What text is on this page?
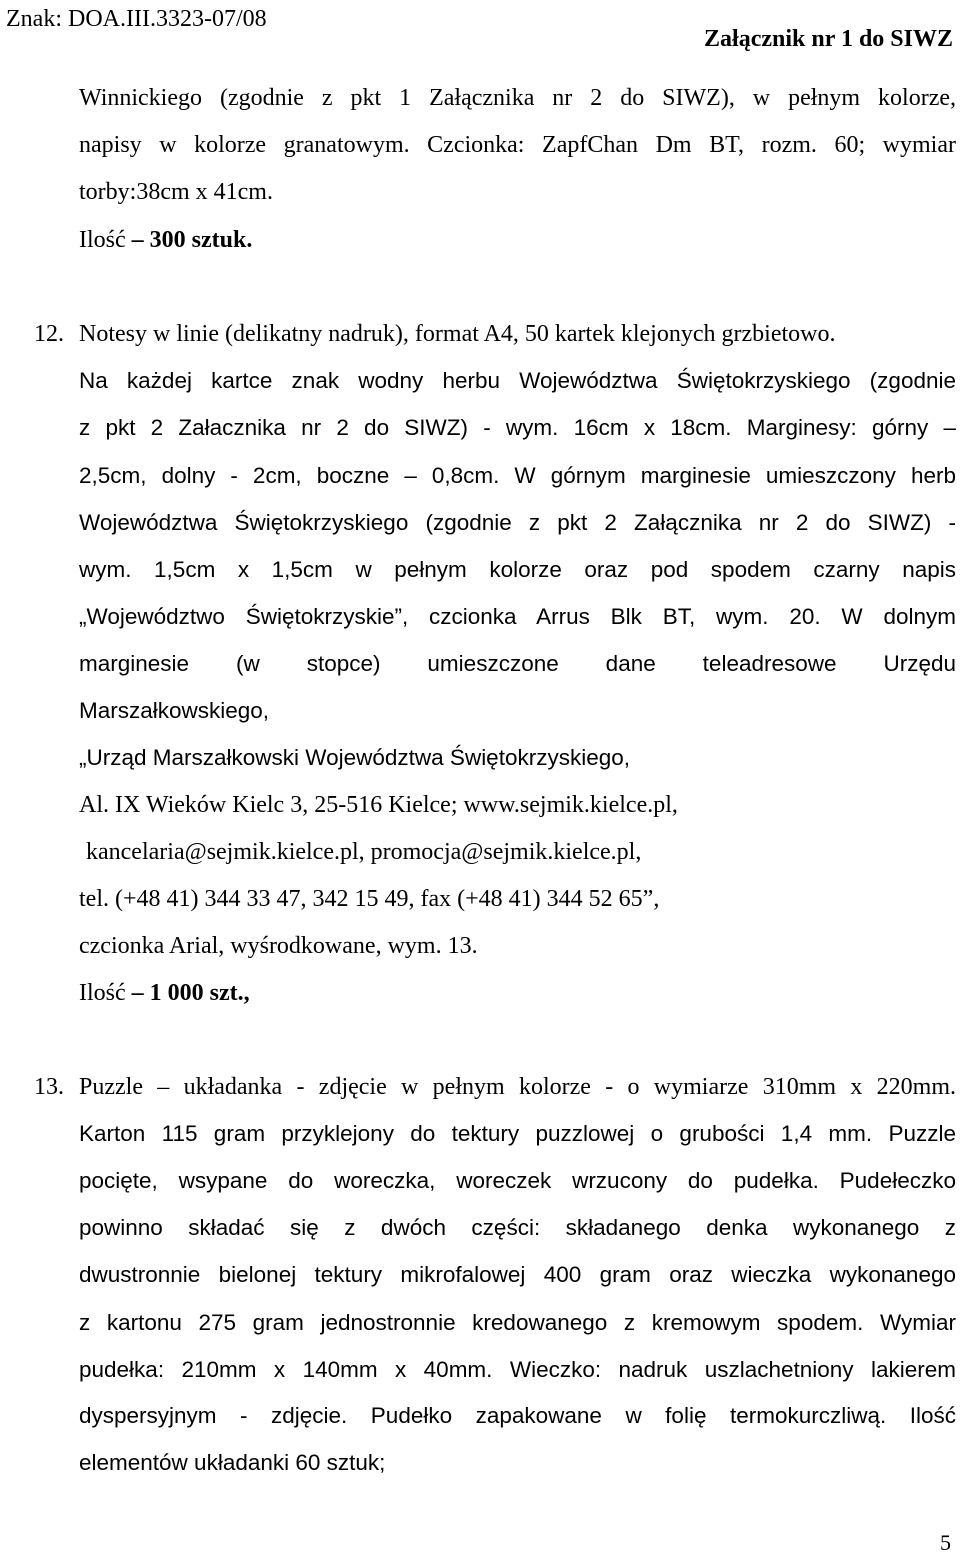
Znak: DOA.III.3323-07/08
Załącznik nr 1 do SIWZ
Winnickiego (zgodnie z pkt 1 Załącznika nr 2 do SIWZ), w pełnym kolorze,
napisy w kolorze granatowym. Czcionka: ZapfChan Dm BT, rozm. 60; wymiar
torby:38cm x 41cm.
Ilość – 300 sztuk.
12. Notesy w linie (delikatny nadruk), format A4, 50 kartek klejonych grzbietowo.
Na każdej kartce znak wodny herbu Województwa Świętokrzyskiego (zgodnie
z pkt 2 Załacznika nr 2 do SIWZ) - wym. 16cm x 18cm. Marginesy: górny –
2,5cm, dolny - 2cm, boczne – 0,8cm. W górnym marginesie umieszczony herb
Województwa Świętokrzyskiego (zgodnie z pkt 2 Załącznika nr 2 do SIWZ) -
wym. 1,5cm x 1,5cm w pełnym kolorze oraz pod spodem czarny napis
„Województwo Świętokrzyskie”, czcionka Arrus Blk BT, wym. 20. W dolnym
marginesie (w stopce) umieszczone dane teleadresowe Urzędu
Marszałkowskiego,
„Urząd Marszałkowski Województwa Świętokrzyskiego,
Al. IX Wieków Kielc 3, 25-516 Kielce; www.sejmik.kielce.pl,
kancelaria@sejmik.kielce.pl, promocja@sejmik.kielce.pl,
tel. (+48 41) 344 33 47, 342 15 49, fax (+48 41) 344 52 65”,
czcionka Arial, wyśrodkowane, wym. 13.
Ilość – 1 000 szt.,
13. Puzzle – układanka - zdjęcie w pełnym kolorze - o wymiarze 310mm x 220mm.
Karton 115 gram przyklejony do tektury puzzlowej o grubości 1,4 mm. Puzzle
pocięte, wsypane do woreczka, woreczek wrzucony do pudełka. Pudełeczko
powinno składać się z dwóch części: składanego denka wykonanego z
dwustronnie bielonej tektury mikrofalowej 400 gram oraz wieczka wykonanego
z kartonu 275 gram jednostronnie kredowanego z kremowym spodem. Wymiar
pudełka: 210mm x 140mm x 40mm. Wieczko: nadruk uszlachetniony lakierem
dyspersyjnym - zdjęcie. Pudełko zapakowane w folię termokurczliwą. Ilość
elementów układanki 60 sztuk;
5
